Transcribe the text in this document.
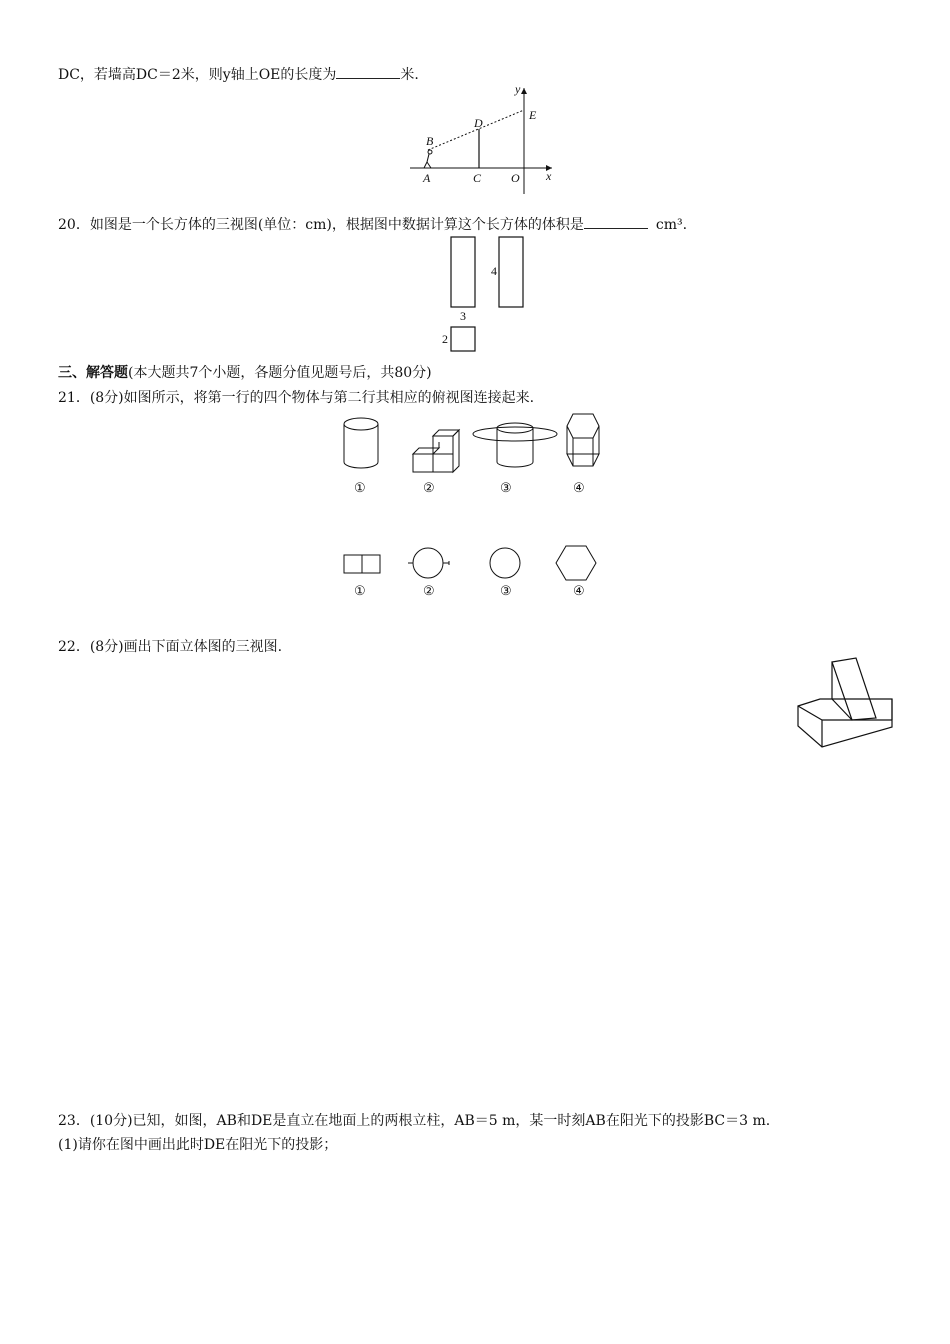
DC，若墙高DC＝2米，则y轴上OE的长度为	米.
y
E
D
B
A	C O x
20．如图是一个长方体的三视图(单位：cm)，根据图中数据计算这个长方体的体积是	cm³.
3
4
2
三、解答题(本大题共7个小题，各题分值见题号后，共80分)
21．(8分)如图所示，将第一行的四个物体与第二行其相应的俯视图连接起来.
①	②	③	④
①	②	③	④
22．(8分)画出下面立体图的三视图.
23．(10分)已知，如图，AB和DE是直立在地面上的两根立柱，AB＝5 m，某一时刻AB在阳光下的投影BC＝3 m.
(1)请你在图中画出此时DE在阳光下的投影；
